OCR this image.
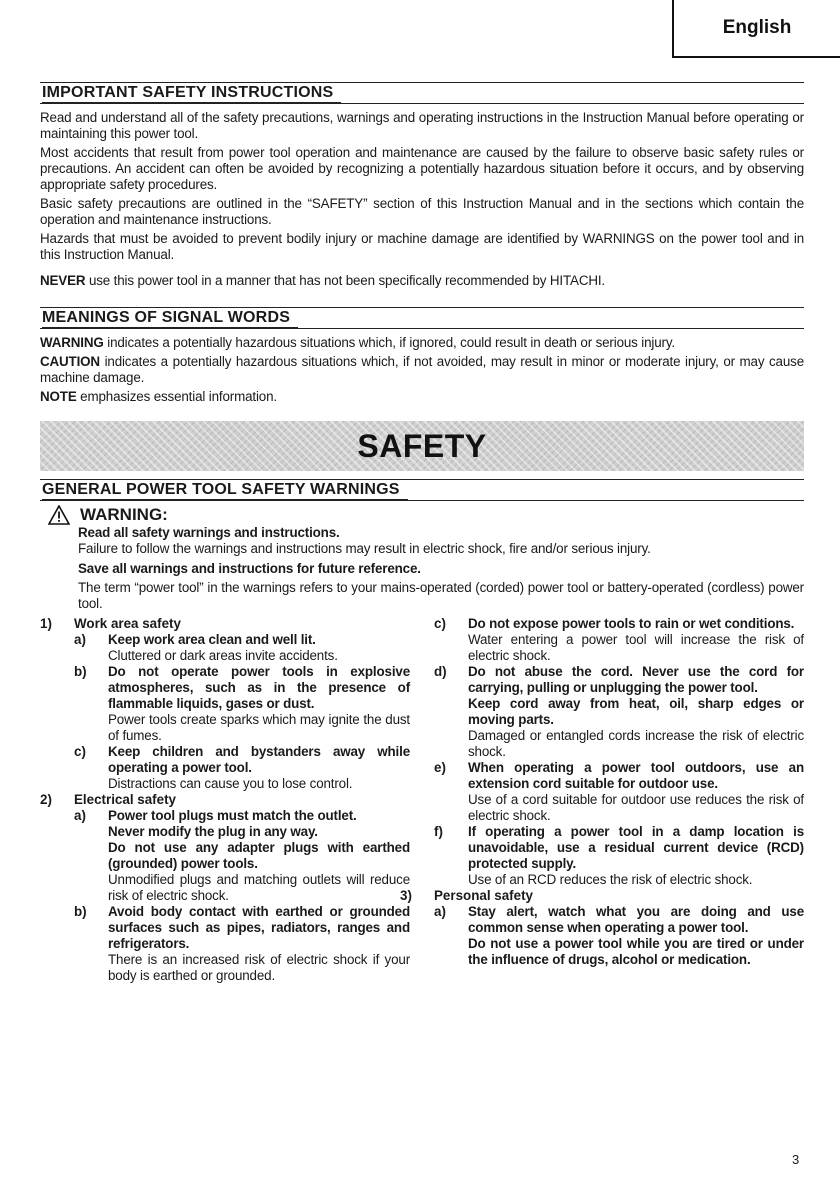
English
IMPORTANT SAFETY INSTRUCTIONS

Read and understand all of the safety precautions, warnings and operating instructions in the Instruction Manual before operating or maintaining this power tool.

Most accidents that result from power tool operation and maintenance are caused by the failure to observe basic safety rules or precautions. An accident can often be avoided by recognizing a potentially hazardous situation before it occurs, and by observing appropriate safety procedures.

Basic safety precautions are outlined in the “SAFETY” section of this Instruction Manual and in the sections which contain the operation and maintenance instructions.

Hazards that must be avoided to prevent bodily injury or machine damage are identified by WARNINGS on the power tool and in this Instruction Manual.

NEVER use this power tool in a manner that has not been specifically recommended by HITACHI.

MEANINGS OF SIGNAL WORDS

WARNING indicates a potentially hazardous situations which, if ignored, could result in death or serious injury.

CAUTION indicates a potentially hazardous situations which, if not avoided, may result in minor or moderate injury, or may cause machine damage.

NOTE emphasizes essential information.

SAFETY
GENERAL POWER TOOL SAFETY WARNINGS
WARNING:

Read all safety warnings and instructions.

Failure to follow the warnings and instructions may result in electric shock, fire and/or serious injury.

Save all warnings and instructions for future reference.

The term “power tool” in the warnings refers to your mains-operated (corded) power tool or battery-operated (cordless) power tool.

1)	Work area safety
a)	Keep work area clean and well lit.

Cluttered or dark areas invite accidents.

b)	Do not operate power tools in explosive atmospheres, such as in the presence of flammable liquids, gases or dust.

Power tools create sparks which may ignite the dust of fumes.

c)	Keep children and bystanders away while operating a power tool.

Distractions can cause you to lose control.

2)	Electrical safety
a)	Power tool plugs must match the outlet.

Never modify the plug in any way.

Do not use any adapter plugs with earthed (grounded) power tools.

Unmodified plugs and matching outlets will reduce risk of electric shock.

b)	Avoid body contact with earthed or grounded surfaces such as pipes, radiators, ranges and refrigerators.

There is an increased risk of electric shock if your body is earthed or grounded.

c)	Do not expose power tools to rain or wet conditions.

Water entering a power tool will increase the risk of electric shock.

d)	Do not abuse the cord. Never use the cord for carrying, pulling or unplugging the power tool.

Keep cord away from heat, oil, sharp edges or moving parts.

Damaged or entangled cords increase the risk of electric shock.

e)	When operating a power tool outdoors, use an extension cord suitable for outdoor use.

Use of a cord suitable for outdoor use reduces the risk of electric shock.

f)	If operating a power tool in a damp location is unavoidable, use a residual current device (RCD) protected supply.

Use of an RCD reduces the risk of electric shock.

3)	Personal safety
a)	Stay alert, watch what you are doing and use common sense when operating a power tool.

Do not use a power tool while you are tired or under the influence of drugs, alcohol or medication.

3
